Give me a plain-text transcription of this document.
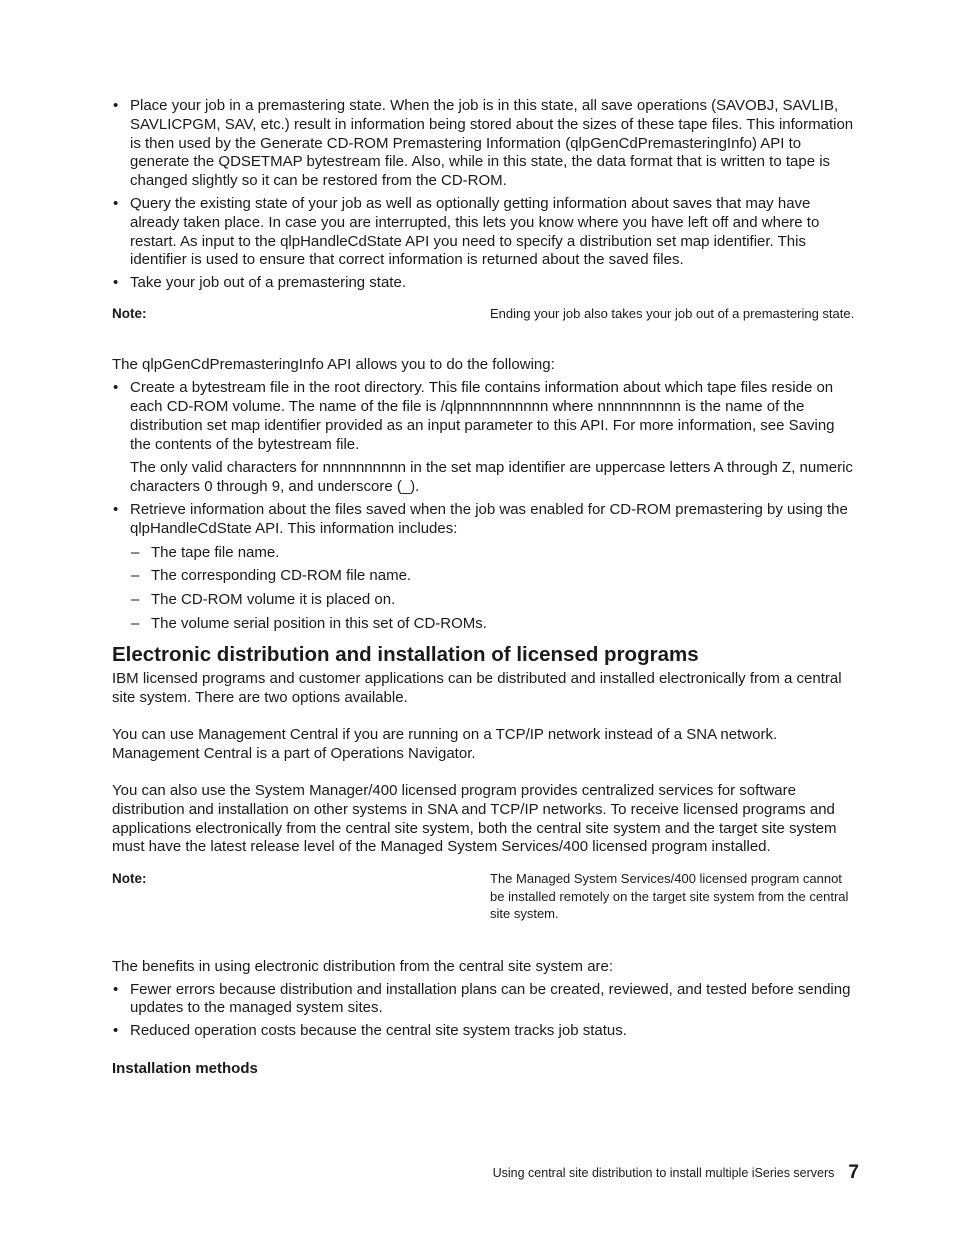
• Place your job in a premastering state. When the job is in this state, all save operations (SAVOBJ, SAVLIB, SAVLICPGM, SAV, etc.) result in information being stored about the sizes of these tape files. This information is then used by the Generate CD-ROM Premastering Information (qlpGenCdPremasteringInfo) API to generate the QDSETMAP bytestream file. Also, while in this state, the data format that is written to tape is changed slightly so it can be restored from the CD-ROM.
• Query the existing state of your job as well as optionally getting information about saves that may have already taken place. In case you are interrupted, this lets you know where you have left off and where to restart. As input to the qlpHandleCdState API you need to specify a distribution set map identifier. This identifier is used to ensure that correct information is returned about the saved files.
• Take your job out of a premastering state.
Note:	Ending your job also takes your job out of a premastering state.

The qlpGenCdPremasteringInfo API allows you to do the following:

• Create a bytestream file in the root directory. This file contains information about which tape files reside on each CD-ROM volume. The name of the file is /qlpnnnnnnnnnn where nnnnnnnnnn is the name of the distribution set map identifier provided as an input parameter to this API. For more information, see Saving the contents of the bytestream file.

The only valid characters for nnnnnnnnnn in the set map identifier are uppercase letters A through Z, numeric characters 0 through 9, and underscore (_).

• Retrieve information about the files saved when the job was enabled for CD-ROM premastering by using the qlpHandleCdState API. This information includes:
– The tape file name.
– The corresponding CD-ROM file name.
– The CD-ROM volume it is placed on.
– The volume serial position in this set of CD-ROMs.
Electronic distribution and installation of licensed programs

IBM licensed programs and customer applications can be distributed and installed electronically from a central site system. There are two options available.

You can use Management Central if you are running on a TCP/IP network instead of a SNA network. Management Central is a part of Operations Navigator.

You can also use the System Manager/400 licensed program provides centralized services for software distribution and installation on other systems in SNA and TCP/IP networks. To receive licensed programs and applications electronically from the central site system, both the central site system and the target site system must have the latest release level of the Managed System Services/400 licensed program installed.

Note:	The Managed System Services/400 licensed program cannot be installed remotely on the target site system from the central site system.

The benefits in using electronic distribution from the central site system are:

• Fewer errors because distribution and installation plans can be created, reviewed, and tested before sending updates to the managed system sites.
• Reduced operation costs because the central site system tracks job status.
Installation methods
Using central site distribution to install multiple iSeries servers 7
